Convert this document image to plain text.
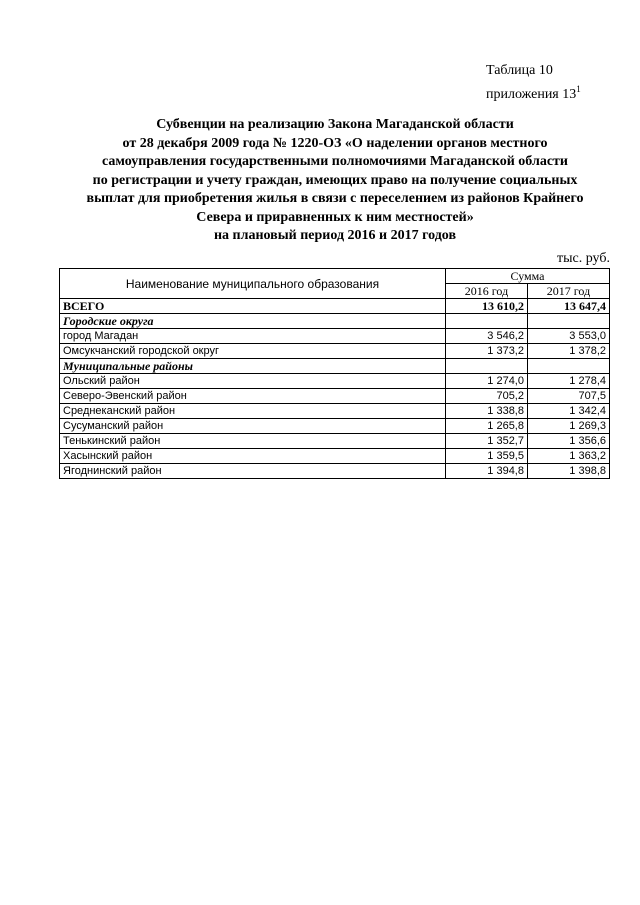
Таблица 10
приложения $13^1$
Субвенции на реализацию Закона Магаданской области
от 28 декабря 2009 года № 1220-ОЗ «О наделении органов местного
самоуправления государственными полномочиями Магаданской области
по регистрации и учету граждан, имеющих право на получение социальных
выплат для приобретения жилья в связи с переселением из районов Крайнего
Севера и приравненных к ним местностей»
на плановый период 2016 и 2017 годов
тыс. руб.
Наименование муниципального образования	Сумма	
	2016 год	2017 год
ВСЕГО	13 610,2	13 647,4
Городские округа		
город Магадан	3 546,2	3 553,0
Омсукчанский городской округ	1 373,2	1 378,2
Муниципальные районы		
Ольский район	1 274,0	1 278,4
Северо-Эвенский район	705,2	707,5
Среднеканский район	1 338,8	1 342,4
Сусуманский район	1 265,8	1 269,3
Тенькинский район	1 352,7	1 356,6
Хасынский район	1 359,5	1 363,2
Ягоднинский район	1 394,8	1 398,8
